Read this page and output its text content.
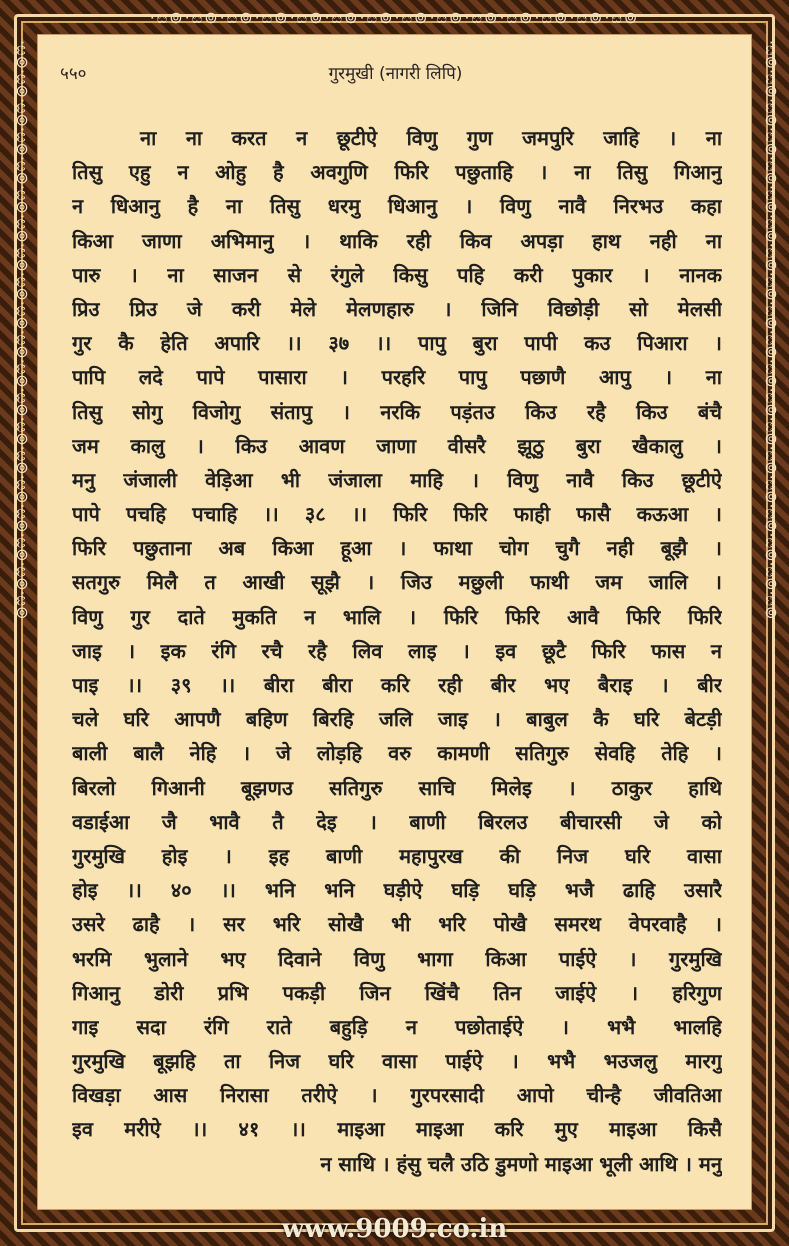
·ೞ⊚·ೞ⊚·ೞ⊚·ೞ⊚·ೞ⊚·ೞ⊚·ೞ⊚·ೞ⊚·ೞ⊚·ೞ⊚·ೞ⊚·ೞ⊚·ೞ⊚·ೞ⊚
·ೞ⊚·ೞ⊚·ೞ⊚·ೞ⊚·ೞ⊚·ೞ⊚·ೞ⊚·ೞ⊚·ೞ⊚·ೞ⊚·ೞ⊚·ೞ⊚·ೞ⊚·ೞ⊚·ೞ⊚·ೞ⊚·ೞ⊚·ೞ⊚·ೞ⊚·ೞ⊚	·ೞ⊚·ೞ⊚·ೞ⊚·ೞ⊚·ೞ⊚·ೞ⊚·ೞ⊚·ೞ⊚·ೞ⊚·ೞ⊚·ೞ⊚·ೞ⊚·ೞ⊚·ೞ⊚·ೞ⊚·ೞ⊚·ೞ⊚·ೞ⊚·ೞ⊚·ೞ⊚
५५०	गुरमुखी (नागरी लिपि)
ना ना करत न छूटीऐ विणु गुण जमपुरि जाहि । ना
तिसु एहु न ओहु है अवगुणि फिरि पछुताहि । ना तिसु गिआनु
न धिआनु है ना तिसु धरमु धिआनु । विणु नावै निरभउ कहा
किआ जाणा अभिमानु । थाकि रही किव अपड़ा हाथ नही ना
पारु । ना साजन से रंगुले किसु पहि करी पुकार । नानक
प्रिउ प्रिउ जे करी मेले मेलणहारु । जिनि विछोड़ी सो मेलसी
गुर कै हेति अपारि ।। ३७ ।। पापु बुरा पापी कउ पिआरा ।
पापि लदे पापे पासारा । परहरि पापु पछाणै आपु । ना
तिसु सोगु विजोगु संतापु । नरकि पड़ंतउ किउ रहै किउ बंचै
जम कालु । किउ आवण जाणा वीसरै झूठु बुरा खैकालु ।
मनु जंजाली वेड़िआ भी जंजाला माहि । विणु नावै किउ छूटीऐ
पापे पचहि पचाहि ।। ३८ ।। फिरि फिरि फाही फासै कऊआ ।
फिरि पछुताना अब किआ हूआ । फाथा चोग चुगै नही बूझै ।
सतगुरु मिलै त आखी सूझै । जिउ मछुली फाथी जम जालि ।
विणु गुर दाते मुकति न भालि । फिरि फिरि आवै फिरि फिरि
जाइ । इक रंगि रचै रहै लिव लाइ । इव छूटै फिरि फास न
पाइ ।। ३९ ।। बीरा बीरा करि रही बीर भए बैराइ । बीर
चले घरि आपणै बहिण बिरहि जलि जाइ । बाबुल कै घरि बेटड़ी
बाली बालै नेहि । जे लोड़हि वरु कामणी सतिगुरु सेवहि तेहि ।
बिरलो गिआनी बूझणउ सतिगुरु साचि मिलेइ । ठाकुर हाथि
वडाईआ जै भावै तै देइ । बाणी बिरलउ बीचारसी जे को
गुरमुखि होइ । इह बाणी महापुरख की निज घरि वासा
होइ ।। ४० ।। भनि भनि घड़ीऐ घड़ि घड़ि भजै ढाहि उसारै
उसरे ढाहै । सर भरि सोखै भी भरि पोखै समरथ वेपरवाहै ।
भरमि भुलाने भए दिवाने विणु भागा किआ पाईऐ । गुरमुखि
गिआनु डोरी प्रभि पकड़ी जिन खिंचै तिन जाईऐ । हरिगुण
गाइ सदा रंगि राते बहुड़ि न पछोताईऐ । भभै भालहि
गुरमुखि बूझहि ता निज घरि वासा पाईऐ । भभै भउजलु मारगु
विखड़ा आस निरासा तरीऐ । गुरपरसादी आपो चीन्है जीवतिआ
इव मरीऐ ।। ४१ ।। माइआ माइआ करि मुए माइआ किसै
न साथि । हंसु चलै उठि डुमणो माइआ भूली आथि । मनु
www.9009.co.in
